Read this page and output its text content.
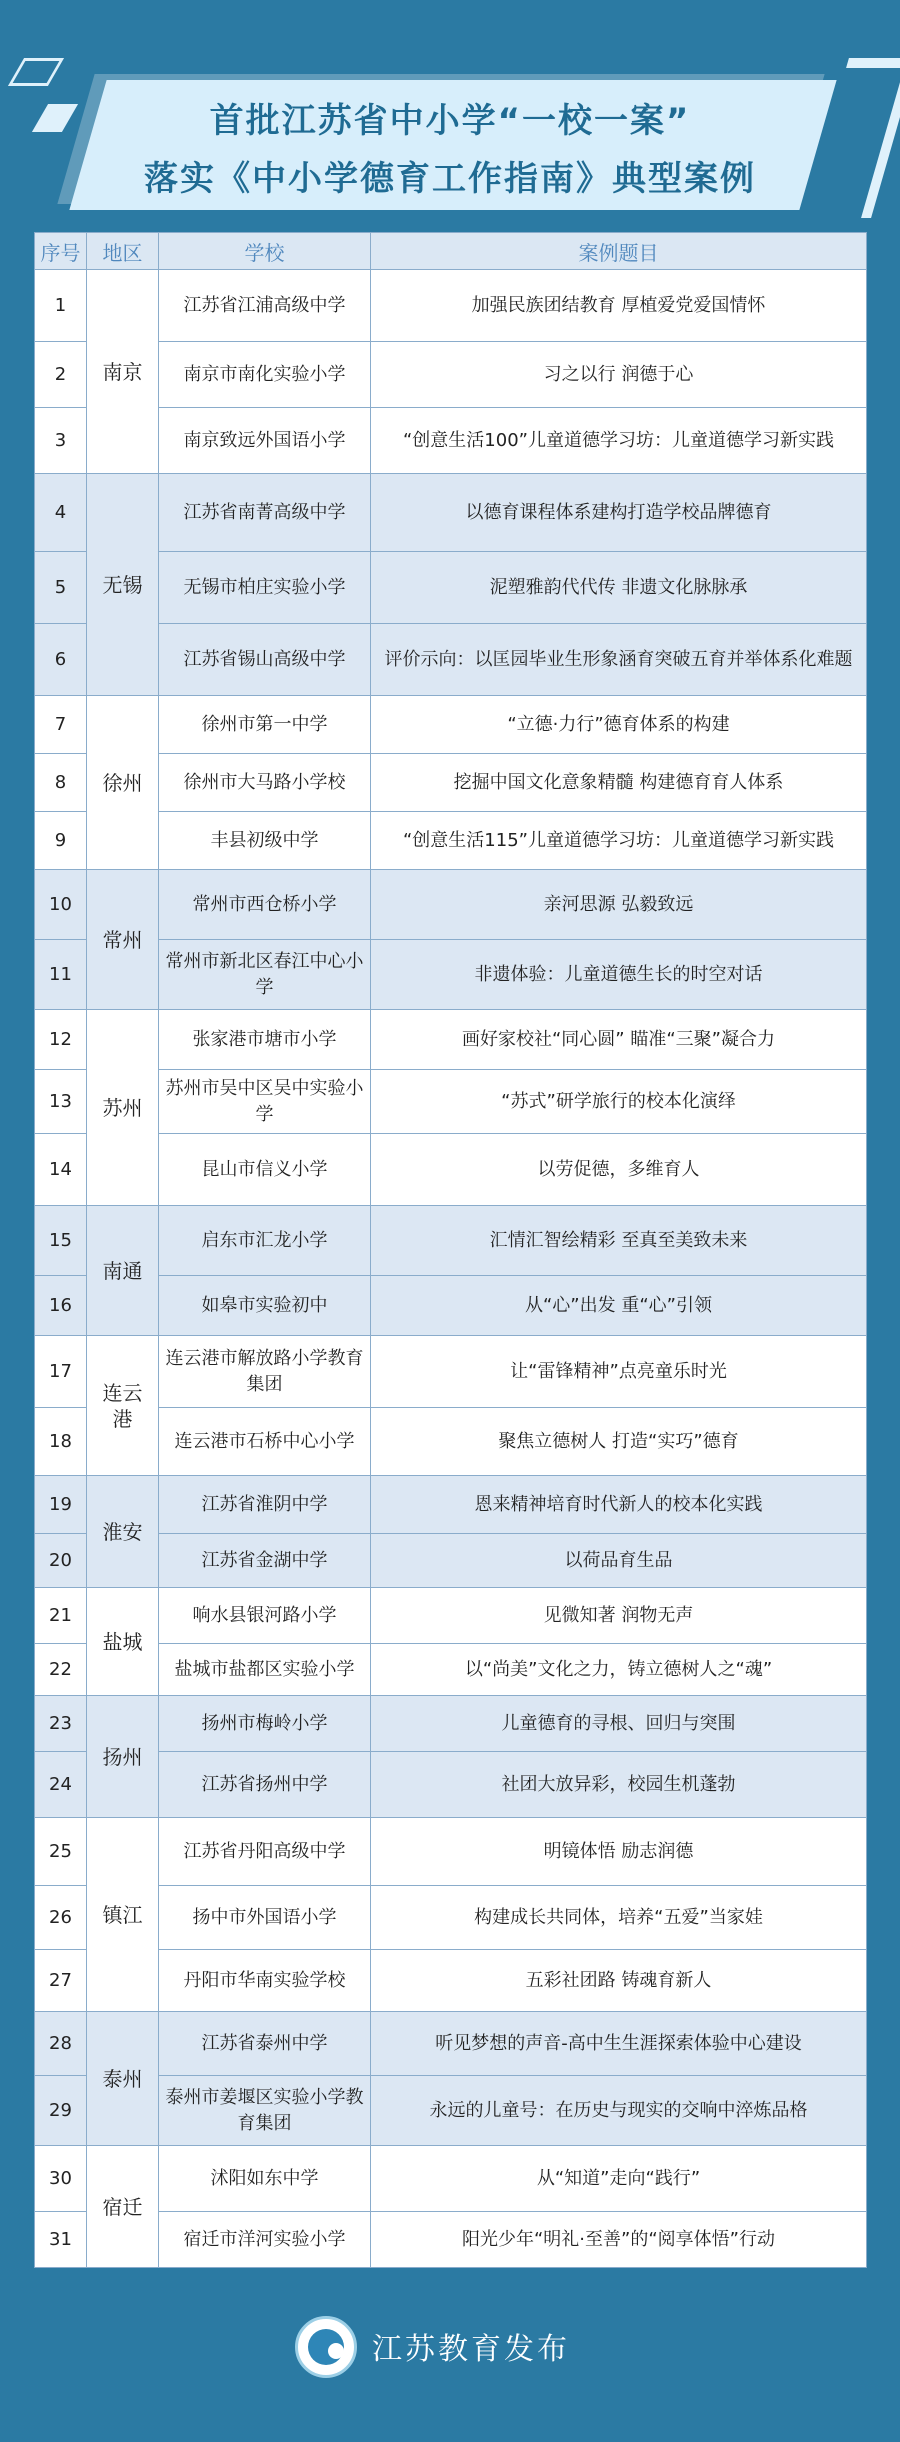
首批江苏省中小学“一校一案”
落实《中小学德育工作指南》典型案例
序号	地区	学校	案例题目
1	南京	江苏省江浦高级中学	加强民族团结教育 厚植爱党爱国情怀
2		南京市南化实验小学	习之以行 润德于心
3		南京致远外国语小学	“创意生活100”儿童道德学习坊：儿童道德学习新实践
4	无锡	江苏省南菁高级中学	以德育课程体系建构打造学校品牌德育
5		无锡市柏庄实验小学	泥塑雅韵代代传 非遗文化脉脉承
6		江苏省锡山高级中学	评价示向：以匡园毕业生形象涵育突破五育并举体系化难题
7	徐州	徐州市第一中学	“立德·力行”德育体系的构建
8		徐州市大马路小学校	挖掘中国文化意象精髓 构建德育育人体系
9		丰县初级中学	“创意生活115”儿童道德学习坊：儿童道德学习新实践
10	常州	常州市西仓桥小学	亲河思源 弘毅致远
11		常州市新北区春江中心小学	非遗体验：儿童道德生长的时空对话
12	苏州	张家港市塘市小学	画好家校社“同心圆” 瞄准“三聚”凝合力
13		苏州市吴中区吴中实验小学	“苏式”研学旅行的校本化演绎
14		昆山市信义小学	以劳促德，多维育人
15	南通	启东市汇龙小学	汇情汇智绘精彩 至真至美致未来
16		如皋市实验初中	从“心”出发 重“心”引领
17	连云港	连云港市解放路小学教育集团	让“雷锋精神”点亮童乐时光
18		连云港市石桥中心小学	聚焦立德树人 打造“实巧”德育
19	淮安	江苏省淮阴中学	恩来精神培育时代新人的校本化实践
20		江苏省金湖中学	以荷品育生品
21	盐城	响水县银河路小学	见微知著 润物无声
22		盐城市盐都区实验小学	以“尚美”文化之力，铸立德树人之“魂”
23	扬州	扬州市梅岭小学	儿童德育的寻根、回归与突围
24		江苏省扬州中学	社团大放异彩，校园生机蓬勃
25	镇江	江苏省丹阳高级中学	明镜体悟 励志润德
26		扬中市外国语小学	构建成长共同体，培养“五爱”当家娃
27		丹阳市华南实验学校	五彩社团路 铸魂育新人
28	泰州	江苏省泰州中学	听见梦想的声音-高中生生涯探索体验中心建设
29		泰州市姜堰区实验小学教育集团	永远的儿童号：在历史与现实的交响中淬炼品格
30	宿迁	沭阳如东中学	从“知道”走向“践行”
31		宿迁市洋河实验小学	阳光少年“明礼·至善”的“阅享体悟”行动
江苏教育发布
